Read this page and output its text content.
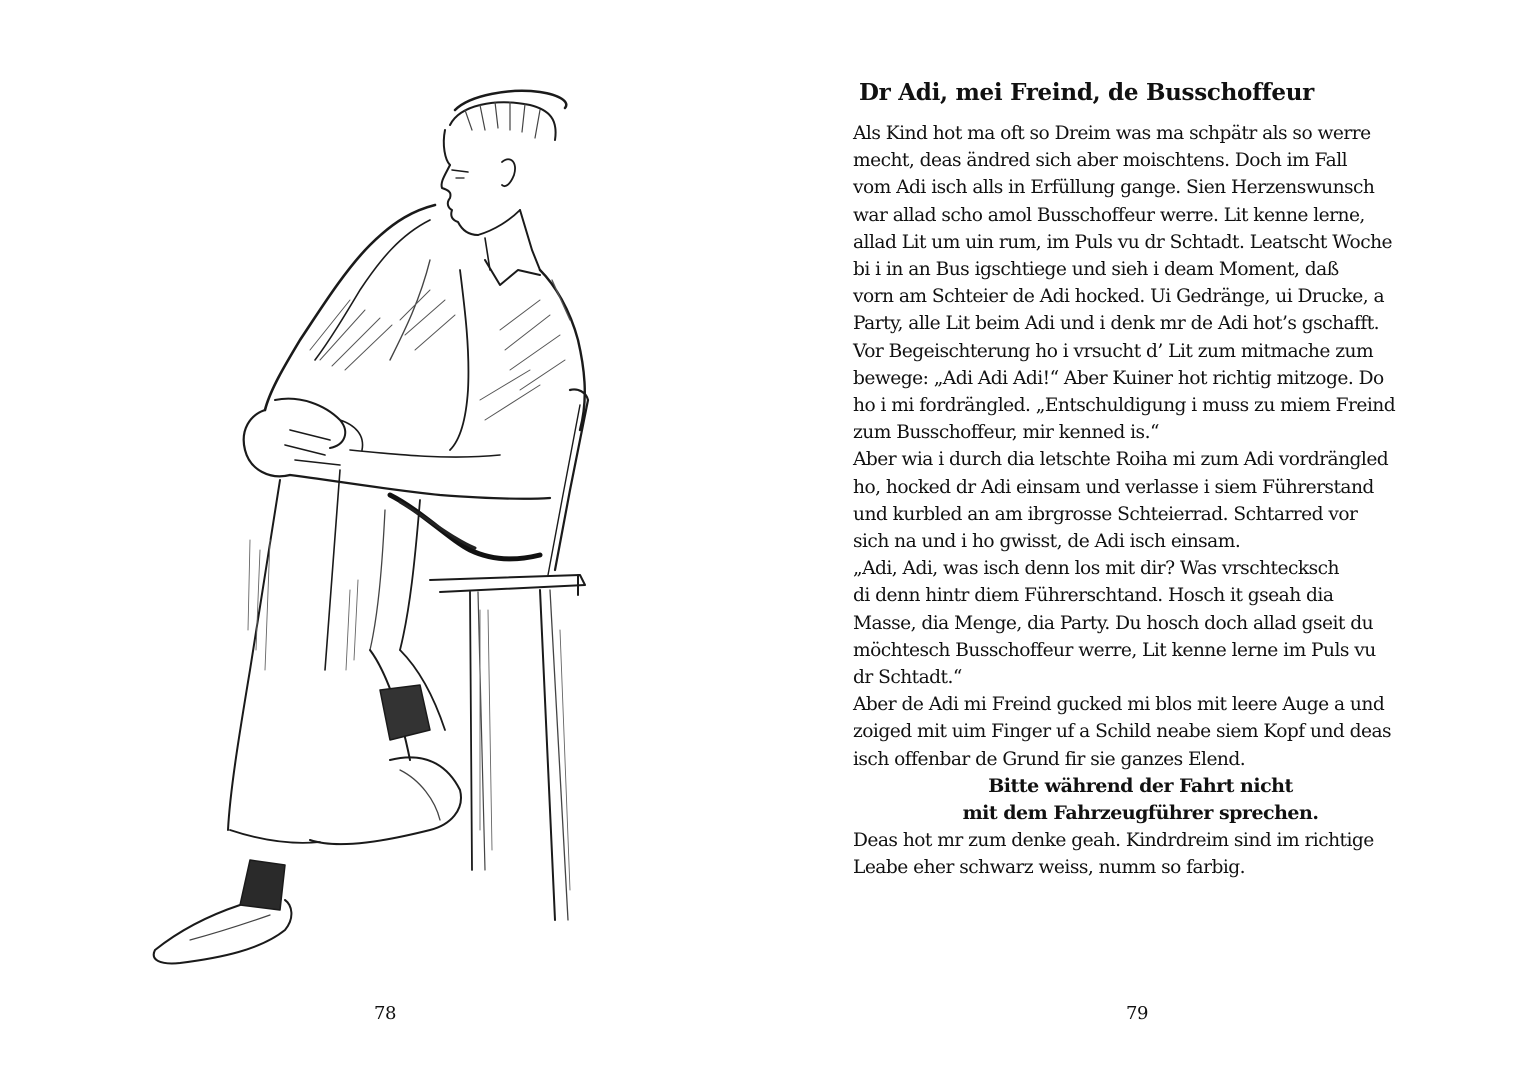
78
Dr Adi, mei Freind, de Busschoffeur
Als Kind hot ma oft so Dreim was ma schpätr als so werre
mecht, deas ändred sich aber moischtens. Doch im Fall
vom Adi isch alls in Erfüllung gange. Sien Herzenswunsch
war allad scho amol Busschoffeur werre. Lit kenne lerne,
allad Lit um uin rum, im Puls vu dr Schtadt. Leatscht Woche
bi i in an Bus igschtiege und sieh i deam Moment, daß
vorn am Schteier de Adi hocked. Ui Gedränge, ui Drucke, a
Party, alle Lit beim Adi und i denk mr de Adi hot’s gschafft.
Vor Begeischterung ho i vrsucht d’ Lit zum mitmache zum
bewege: „Adi Adi Adi!“ Aber Kuiner hot richtig mitzoge. Do
ho i mi fordrängled. „Entschuldigung i muss zu miem Freind
zum Busschoffeur, mir kenned is.“
Aber wia i durch dia letschte Roiha mi zum Adi vordrängled
ho, hocked dr Adi einsam und verlasse i siem Führerstand
und kurbled an am ibrgrosse Schteierrad. Schtarred vor
sich na und i ho gwisst, de Adi isch einsam.
„Adi, Adi, was isch denn los mit dir? Was vrschtecksch
di denn hintr diem Führerschtand. Hosch it gseah dia
Masse, dia Menge, dia Party. Du hosch doch allad gseit du
möchtesch Busschoffeur werre, Lit kenne lerne im Puls vu
dr Schtadt.“
Aber de Adi mi Freind gucked mi blos mit leere Auge a und
zoiged mit uim Finger uf a Schild neabe siem Kopf und deas
isch offenbar de Grund fir sie ganzes Elend.
Bitte während der Fahrt nicht
mit dem Fahrzeugführer sprechen.
Deas hot mr zum denke geah. Kindrdreim sind im richtige
Leabe eher schwarz weiss, numm so farbig.
79
